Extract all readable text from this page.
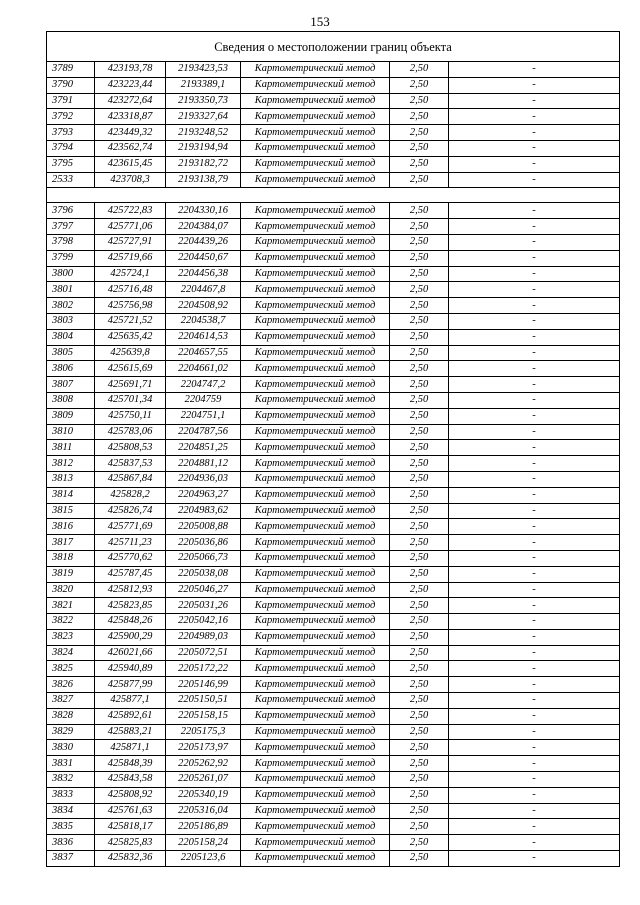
153
Сведения о местоположении границ объекта					
3789	423193,78	2193423,53	Картометрический метод	2,50	-
3790	423223,44	2193389,1	Картометрический метод	2,50	-
3791	423272,64	2193350,73	Картометрический метод	2,50	-
3792	423318,87	2193327,64	Картометрический метод	2,50	-
3793	423449,32	2193248,52	Картометрический метод	2,50	-
3794	423562,74	2193194,94	Картометрический метод	2,50	-
3795	423615,45	2193182,72	Картометрический метод	2,50	-
2533	423708,3	2193138,79	Картометрический метод	2,50	-

3796	425722,83	2204330,16	Картометрический метод	2,50	-
3797	425771,06	2204384,07	Картометрический метод	2,50	-
3798	425727,91	2204439,26	Картометрический метод	2,50	-
3799	425719,66	2204450,67	Картометрический метод	2,50	-
3800	425724,1	2204456,38	Картометрический метод	2,50	-
3801	425716,48	2204467,8	Картометрический метод	2,50	-
3802	425756,98	2204508,92	Картометрический метод	2,50	-
3803	425721,52	2204538,7	Картометрический метод	2,50	-
3804	425635,42	2204614,53	Картометрический метод	2,50	-
3805	425639,8	2204657,55	Картометрический метод	2,50	-
3806	425615,69	2204661,02	Картометрический метод	2,50	-
3807	425691,71	2204747,2	Картометрический метод	2,50	-
3808	425701,34	2204759	Картометрический метод	2,50	-
3809	425750,11	2204751,1	Картометрический метод	2,50	-
3810	425783,06	2204787,56	Картометрический метод	2,50	-
3811	425808,53	2204851,25	Картометрический метод	2,50	-
3812	425837,53	2204881,12	Картометрический метод	2,50	-
3813	425867,84	2204936,03	Картометрический метод	2,50	-
3814	425828,2	2204963,27	Картометрический метод	2,50	-
3815	425826,74	2204983,62	Картометрический метод	2,50	-
3816	425771,69	2205008,88	Картометрический метод	2,50	-
3817	425711,23	2205036,86	Картометрический метод	2,50	-
3818	425770,62	2205066,73	Картометрический метод	2,50	-
3819	425787,45	2205038,08	Картометрический метод	2,50	-
3820	425812,93	2205046,27	Картометрический метод	2,50	-
3821	425823,85	2205031,26	Картометрический метод	2,50	-
3822	425848,26	2205042,16	Картометрический метод	2,50	-
3823	425900,29	2204989,03	Картометрический метод	2,50	-
3824	426021,66	2205072,51	Картометрический метод	2,50	-
3825	425940,89	2205172,22	Картометрический метод	2,50	-
3826	425877,99	2205146,99	Картометрический метод	2,50	-
3827	425877,1	2205150,51	Картометрический метод	2,50	-
3828	425892,61	2205158,15	Картометрический метод	2,50	-
3829	425883,21	2205175,3	Картометрический метод	2,50	-
3830	425871,1	2205173,97	Картометрический метод	2,50	-
3831	425848,39	2205262,92	Картометрический метод	2,50	-
3832	425843,58	2205261,07	Картометрический метод	2,50	-
3833	425808,92	2205340,19	Картометрический метод	2,50	-
3834	425761,63	2205316,04	Картометрический метод	2,50	-
3835	425818,17	2205186,89	Картометрический метод	2,50	-
3836	425825,83	2205158,24	Картометрический метод	2,50	-
3837	425832,36	2205123,6	Картометрический метод	2,50	-
